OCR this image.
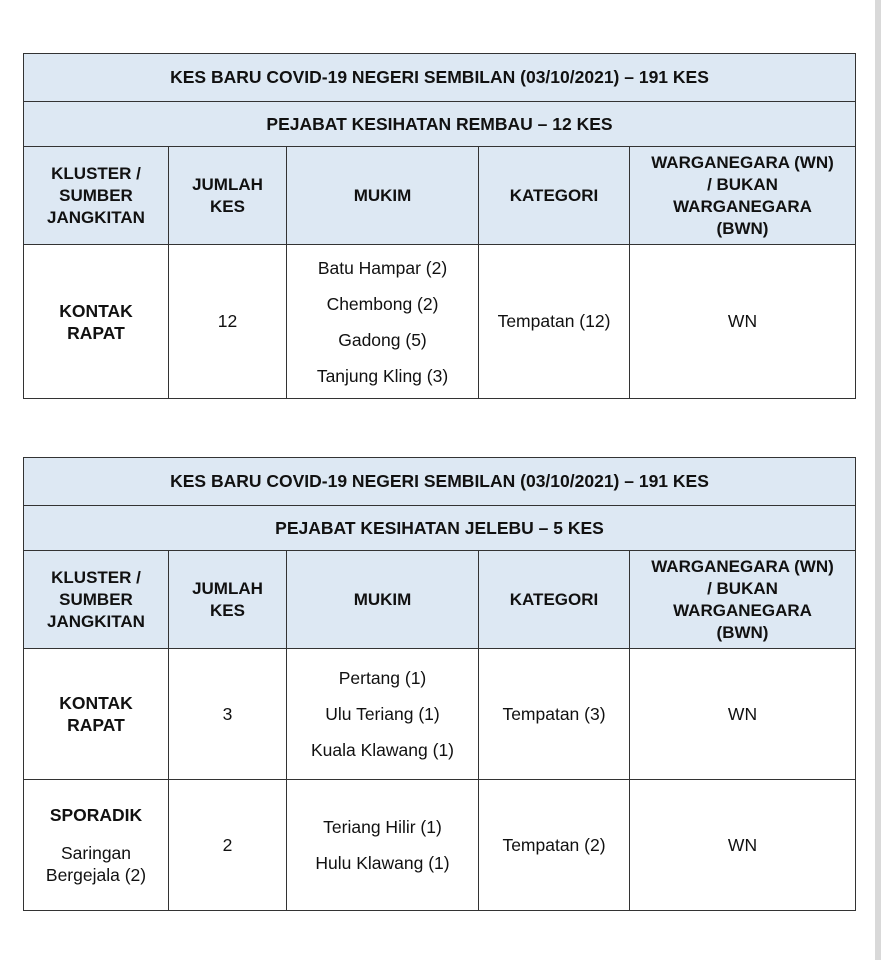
KES BARU COVID-19 NEGERI SEMBILAN (03/10/2021) – 191 KES				
PEJABAT KESIHATAN REMBAU – 12 KES				

KLUSTER /
SUMBER
JANGKITAN	JUMLAH
KES	MUKIM	KATEGORI	WARGANEGARA (WN)
/ BUKAN
WARGANEGARA
(BWN)

KONTAK
RAPAT	12	Batu Hampar (2)
Chembong (2)
Gadong (5)
Tanjung Kling (3)	Tempatan (12)	WN
KES BARU COVID-19 NEGERI SEMBILAN (03/10/2021) – 191 KES				
PEJABAT KESIHATAN JELEBU – 5 KES				

KLUSTER /
SUMBER
JANGKITAN	JUMLAH
KES	MUKIM	KATEGORI	WARGANEGARA (WN)
/ BUKAN
WARGANEGARA
(BWN)

KONTAK
RAPAT	3	Pertang (1)
Ulu Teriang (1)
Kuala Klawang (1)	Tempatan (3)	WN

SPORADIK
Saringan
Bergejala (2)	2	Teriang Hilir (1)
Hulu Klawang (1)	Tempatan (2)	WN
